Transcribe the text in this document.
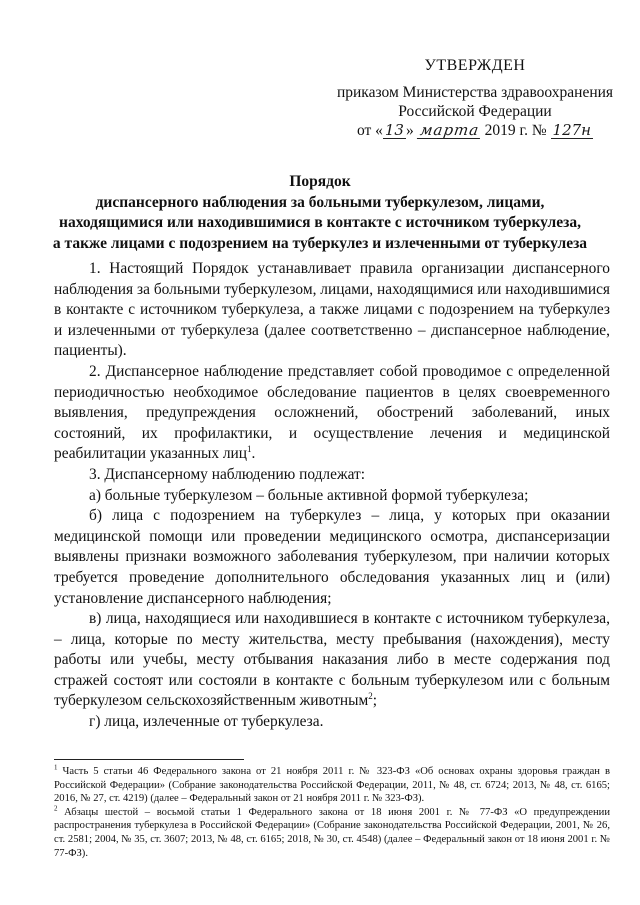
УТВЕРЖДЕН
приказом Министерства здравоохранения
Российской Федерации
от « 13 » марта 2019 г. № 127н
Порядок
диспансерного наблюдения за больными туберкулезом, лицами,
находящимися или находившимися в контакте с источником туберкулеза,
а также лицами с подозрением на туберкулез и излеченными от туберкулеза

1. Настоящий Порядок устанавливает правила организации диспансерного наблюдения за больными туберкулезом, лицами, находящимися или находившимися в контакте с источником туберкулеза, а также лицами с подозрением на туберкулез и излеченными от туберкулеза (далее соответственно – диспансерное наблюдение, пациенты).

2. Диспансерное наблюдение представляет собой проводимое с определенной периодичностью необходимое обследование пациентов в целях своевременного выявления, предупреждения осложнений, обострений заболеваний, иных состояний, их профилактики, и осуществление лечения и медицинской реабилитации указанных лиц$^1$.

3. Диспансерному наблюдению подлежат:

а) больные туберкулезом – больные активной формой туберкулеза;

б) лица с подозрением на туберкулез – лица, у которых при оказании медицинской помощи или проведении медицинского осмотра, диспансеризации выявлены признаки возможного заболевания туберкулезом, при наличии которых требуется проведение дополнительного обследования указанных лиц и (или) установление диспансерного наблюдения;

в) лица, находящиеся или находившиеся в контакте с источником туберкулеза, – лица, которые по месту жительства, месту пребывания (нахождения), месту работы или учебы, месту отбывания наказания либо в месте содержания под стражей состоят или состояли в контакте с больным туберкулезом или с больным туберкулезом сельскохозяйственным животным$^2$;

г) лица, излеченные от туберкулеза.

$^1$ Часть 5 статьи 46 Федерального закона от 21 ноября 2011 г. № 323-ФЗ «Об основах охраны здоровья граждан в Российской Федерации» (Собрание законодательства Российской Федерации, 2011, № 48, ст. 6724; 2013, № 48, ст. 6165; 2016, № 27, ст. 4219) (далее – Федеральный закон от 21 ноября 2011 г. № 323-ФЗ).

$^2$ Абзацы шестой – восьмой статьи 1 Федерального закона от 18 июня 2001 г. № 77-ФЗ «О предупреждении распространения туберкулеза в Российской Федерации» (Собрание законодательства Российской Федерации, 2001, № 26, ст. 2581; 2004, № 35, ст. 3607; 2013, № 48, ст. 6165; 2018, № 30, ст. 4548) (далее – Федеральный закон от 18 июня 2001 г. № 77-ФЗ).
